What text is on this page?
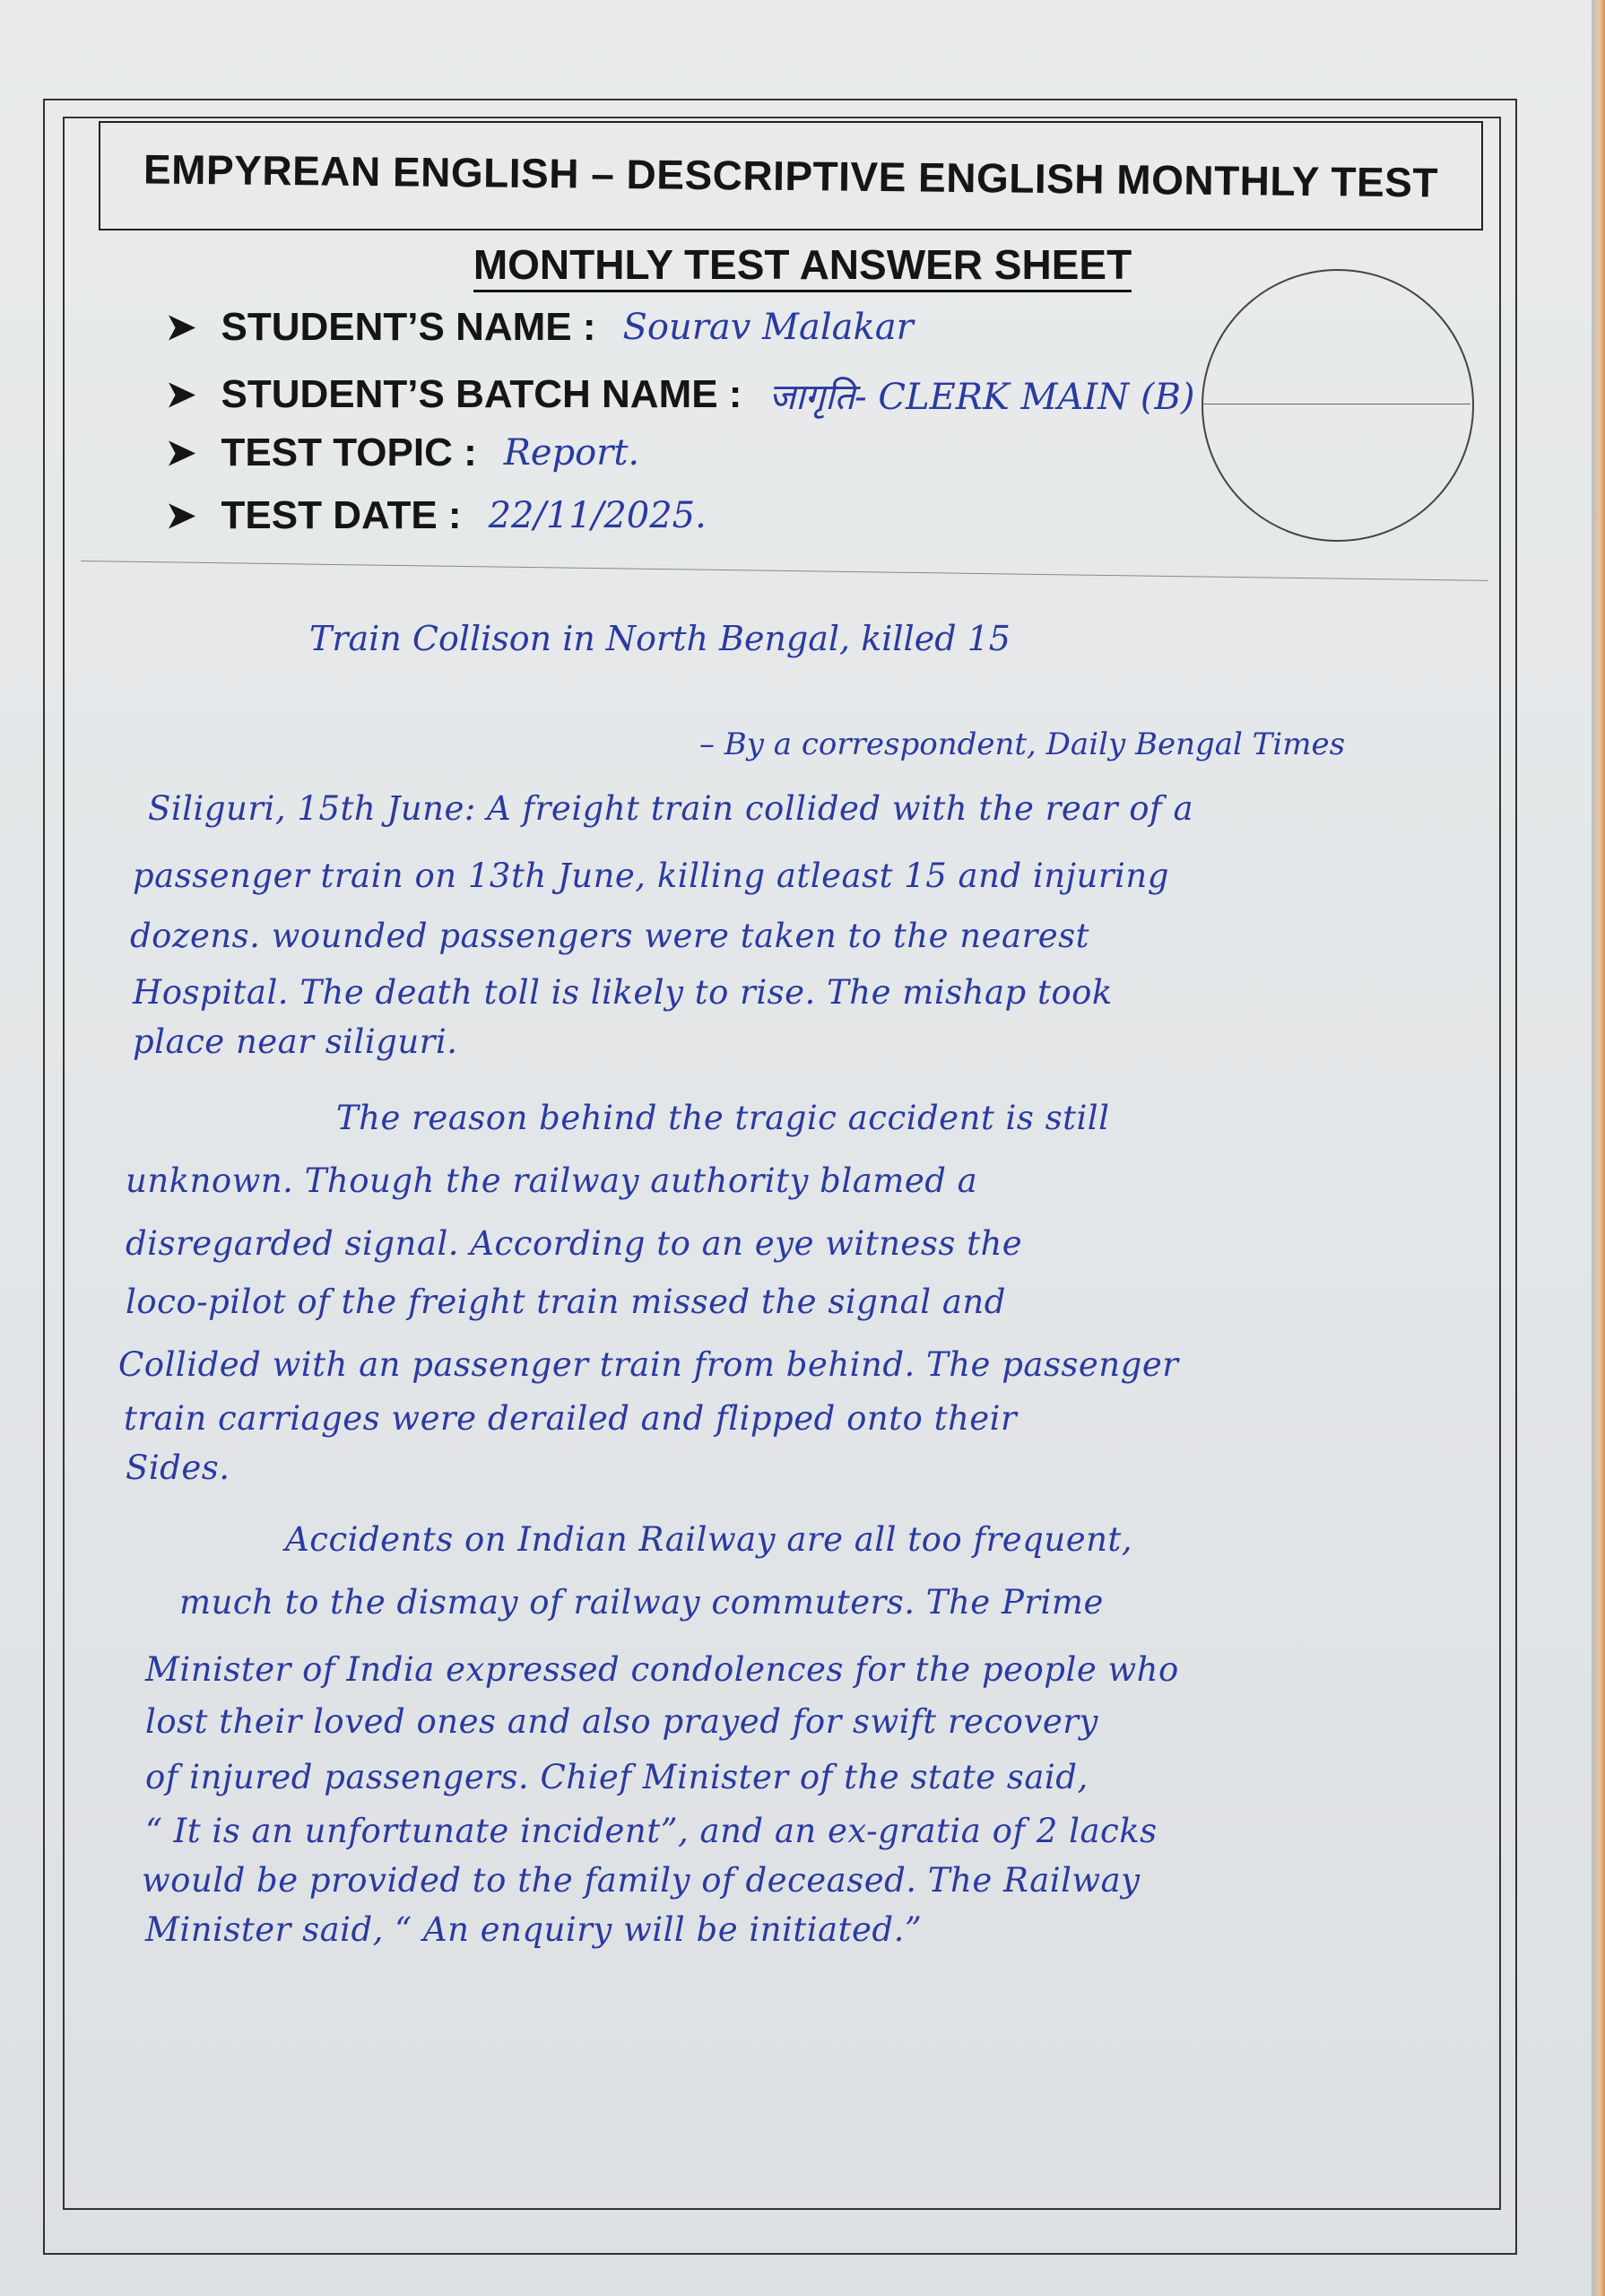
EMPYREAN ENGLISH – DESCRIPTIVE ENGLISH MONTHLY TEST
MONTHLY TEST ANSWER SHEET
➤ STUDENT’S NAME : Sourav Malakar
➤ STUDENT’S BATCH NAME : जागृति- CLERK MAIN (B)
➤ TEST TOPIC : Report.
➤ TEST DATE : 22/11/2025.
Train Collison in North Bengal, killed 15
– By a correspondent, Daily Bengal Times
Siliguri, 15th June: A freight train collided with the rear of a
passenger train on 13th June, killing atleast 15 and injuring
dozens. wounded passengers were taken to the nearest
Hospital. The death toll is likely to rise. The mishap took
place near siliguri.
The reason behind the tragic accident is still
unknown. Though the railway authority blamed a
disregarded signal. According to an eye witness the
loco-pilot of the freight train missed the signal and
Collided with an passenger train from behind. The passenger
train carriages were derailed and flipped onto their
Sides.
Accidents on Indian Railway are all too frequent,
much to the dismay of railway commuters. The Prime
Minister of India expressed condolences for the people who
lost their loved ones and also prayed for swift recovery
of injured passengers. Chief Minister of the state said,
“ It is an unfortunate incident”, and an ex-gratia of 2 lacks
would be provided to the family of deceased. The Railway
Minister said, “ An enquiry will be initiated.”
